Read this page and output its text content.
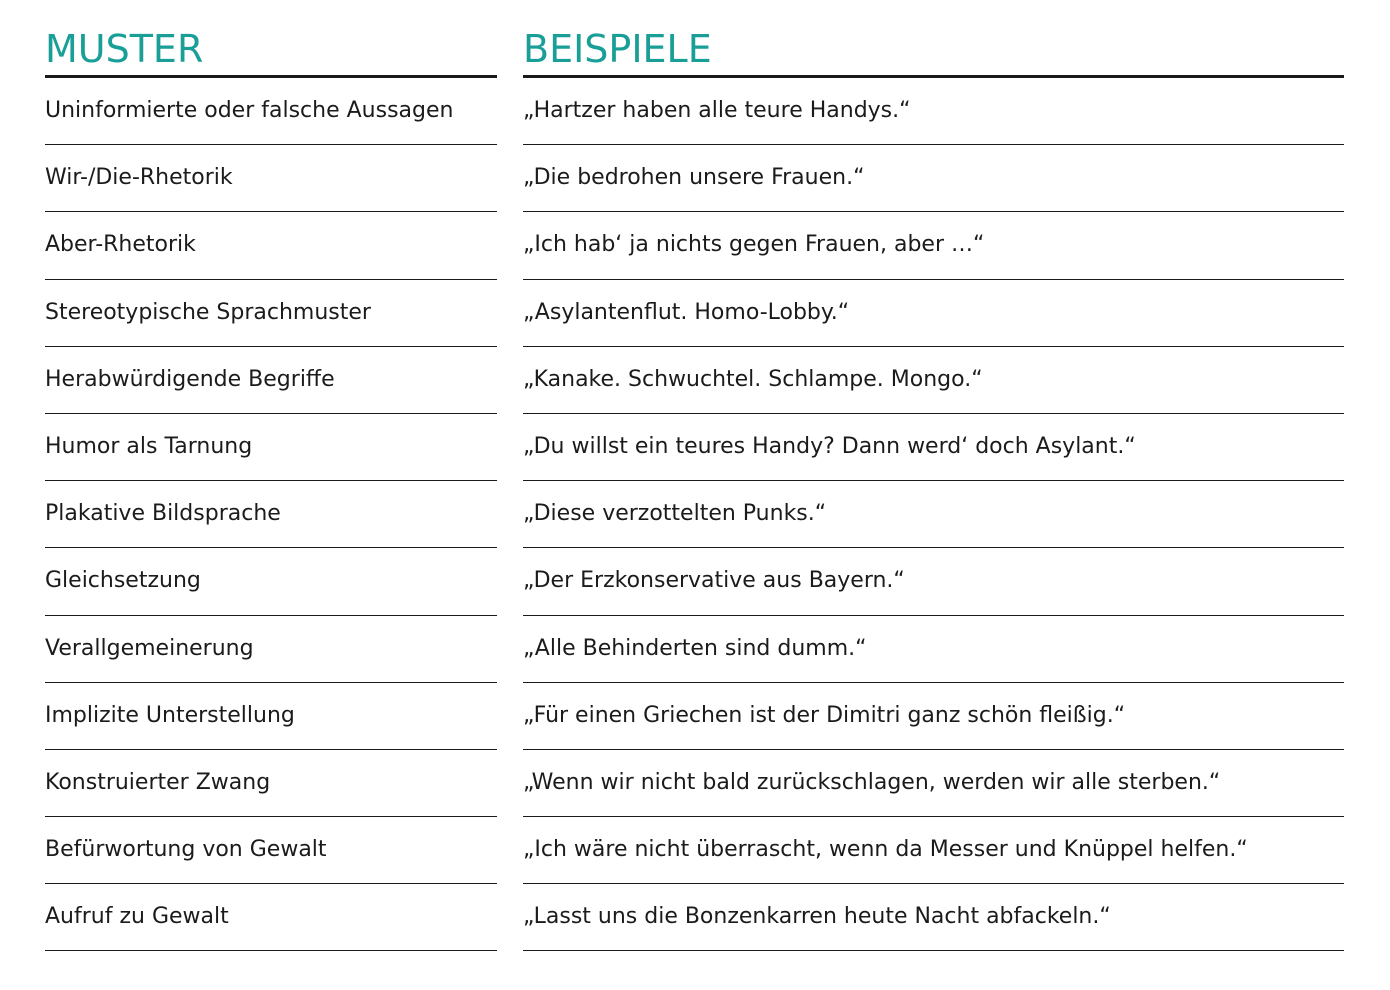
MUSTER
Uninformierte oder falsche Aussagen
Wir-/Die-Rhetorik
Aber-Rhetorik
Stereotypische Sprachmuster
Herabwürdigende Begriffe
Humor als Tarnung
Plakative Bildsprache
Gleichsetzung
Verallgemeinerung
Implizite Unterstellung
Konstruierter Zwang
Befürwortung von Gewalt
Aufruf zu Gewalt
BEISPIELE
„Hartzer haben alle teure Handys.“
„Die bedrohen unsere Frauen.“
„Ich hab‘ ja nichts gegen Frauen, aber …“
„Asylantenflut. Homo-Lobby.“
„Kanake. Schwuchtel. Schlampe. Mongo.“
„Du willst ein teures Handy? Dann werd‘ doch Asylant.“
„Diese verzottelten Punks.“
„Der Erzkonservative aus Bayern.“
„Alle Behinderten sind dumm.“
„Für einen Griechen ist der Dimitri ganz schön fleißig.“
„Wenn wir nicht bald zurückschlagen, werden wir alle sterben.“
„Ich wäre nicht überrascht, wenn da Messer und Knüppel helfen.“
„Lasst uns die Bonzenkarren heute Nacht abfackeln.“
